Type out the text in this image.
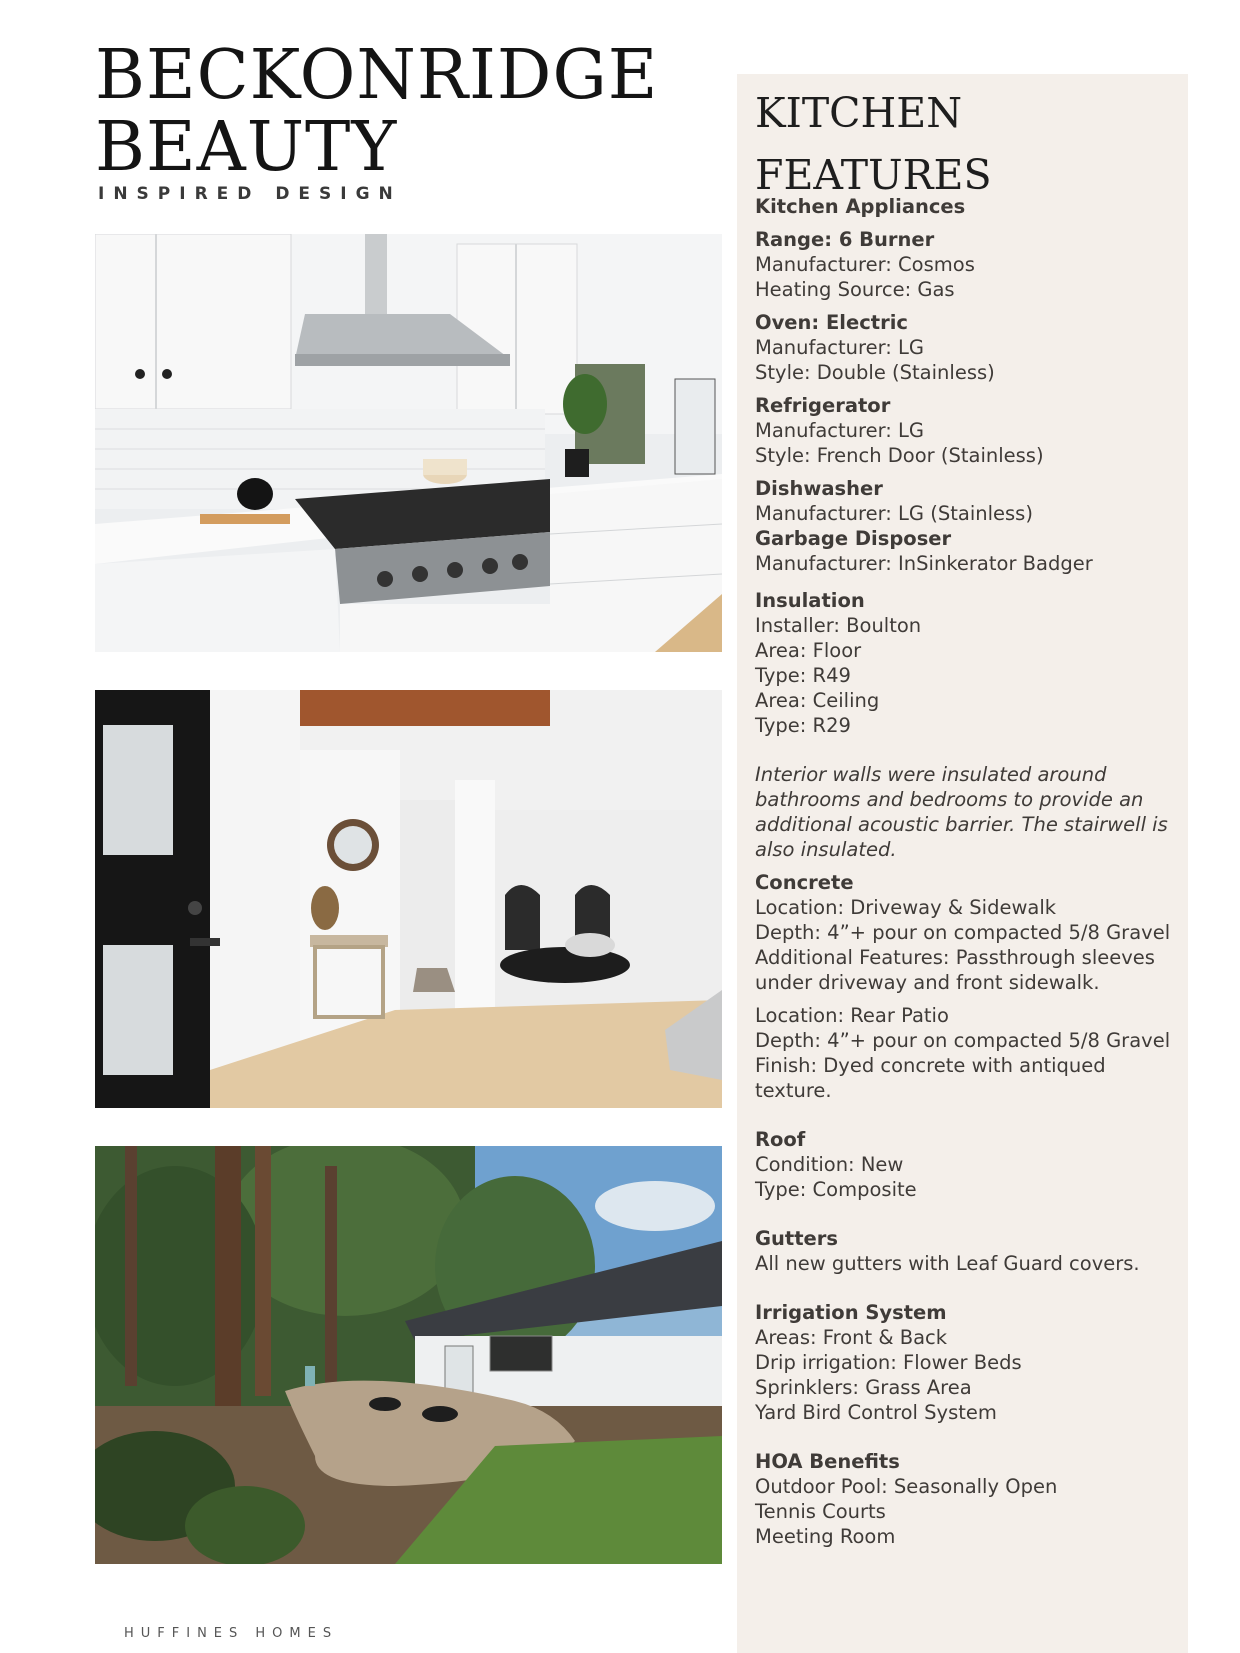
BECKONRIDGE
BEAUTY
INSPIRED DESIGN
HUFFINES HOMES
KITCHEN
FEATURES
Kitchen Appliances
Range: 6 Burner
Manufacturer: Cosmos
Heating Source: Gas
Oven: Electric
Manufacturer: LG
Style: Double (Stainless)
Refrigerator
Manufacturer: LG
Style: French Door (Stainless)
Dishwasher
Manufacturer: LG (Stainless)
Garbage Disposer
Manufacturer: InSinkerator Badger
Insulation
Installer: Boulton
Area: Floor
Type: R49
Area: Ceiling
Type: R29
Interior walls were insulated around bathrooms and bedrooms to provide an additional acoustic barrier. The stairwell is also insulated.
Concrete
Location: Driveway & Sidewalk
Depth: 4”+ pour on compacted 5/8 Gravel
Additional Features: Passthrough sleeves under driveway and front sidewalk.
Location: Rear Patio
Depth: 4”+ pour on compacted 5/8 Gravel
Finish: Dyed concrete with antiqued texture.
Roof
Condition: New
Type: Composite
Gutters
All new gutters with Leaf Guard covers.
Irrigation System
Areas: Front & Back
Drip irrigation: Flower Beds
Sprinklers: Grass Area
Yard Bird Control System
HOA Benefits
Outdoor Pool: Seasonally Open
Tennis Courts
Meeting Room
